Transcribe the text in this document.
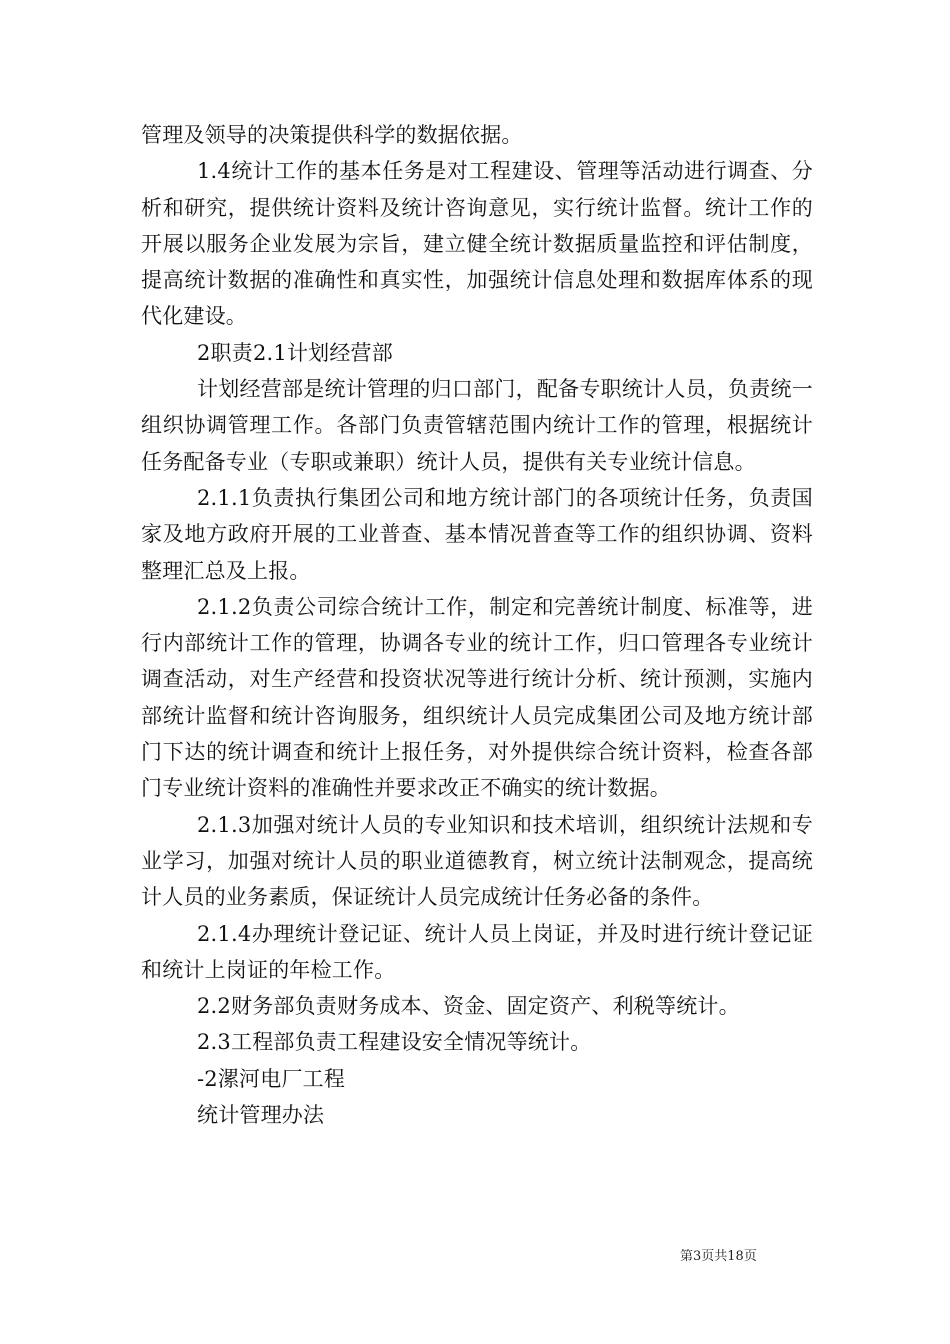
管理及领导的决策提供科学的数据依据。

1.4统计工作的基本任务是对工程建设、管理等活动进行调查、分析和研究，提供统计资料及统计咨询意见，实行统计监督。统计工作的开展以服务企业发展为宗旨，建立健全统计数据质量监控和评估制度，提高统计数据的准确性和真实性，加强统计信息处理和数据库体系的现代化建设。

2职责2.1计划经营部

计划经营部是统计管理的归口部门，配备专职统计人员，负责统一组织协调管理工作。各部门负责管辖范围内统计工作的管理，根据统计任务配备专业（专职或兼职）统计人员，提供有关专业统计信息。

2.1.1负责执行集团公司和地方统计部门的各项统计任务，负责国家及地方政府开展的工业普查、基本情况普查等工作的组织协调、资料整理汇总及上报。

2.1.2负责公司综合统计工作，制定和完善统计制度、标准等，进行内部统计工作的管理，协调各专业的统计工作，归口管理各专业统计调查活动，对生产经营和投资状况等进行统计分析、统计预测，实施内部统计监督和统计咨询服务，组织统计人员完成集团公司及地方统计部门下达的统计调查和统计上报任务，对外提供综合统计资料，检查各部门专业统计资料的准确性并要求改正不确实的统计数据。

2.1.3加强对统计人员的专业知识和技术培训，组织统计法规和专业学习，加强对统计人员的职业道德教育，树立统计法制观念，提高统计人员的业务素质，保证统计人员完成统计任务必备的条件。

2.1.4办理统计登记证、统计人员上岗证，并及时进行统计登记证和统计上岗证的年检工作。

2.2财务部负责财务成本、资金、固定资产、利税等统计。

2.3工程部负责工程建设安全情况等统计。

-2漯河电厂工程

统计管理办法

第3页共18页
